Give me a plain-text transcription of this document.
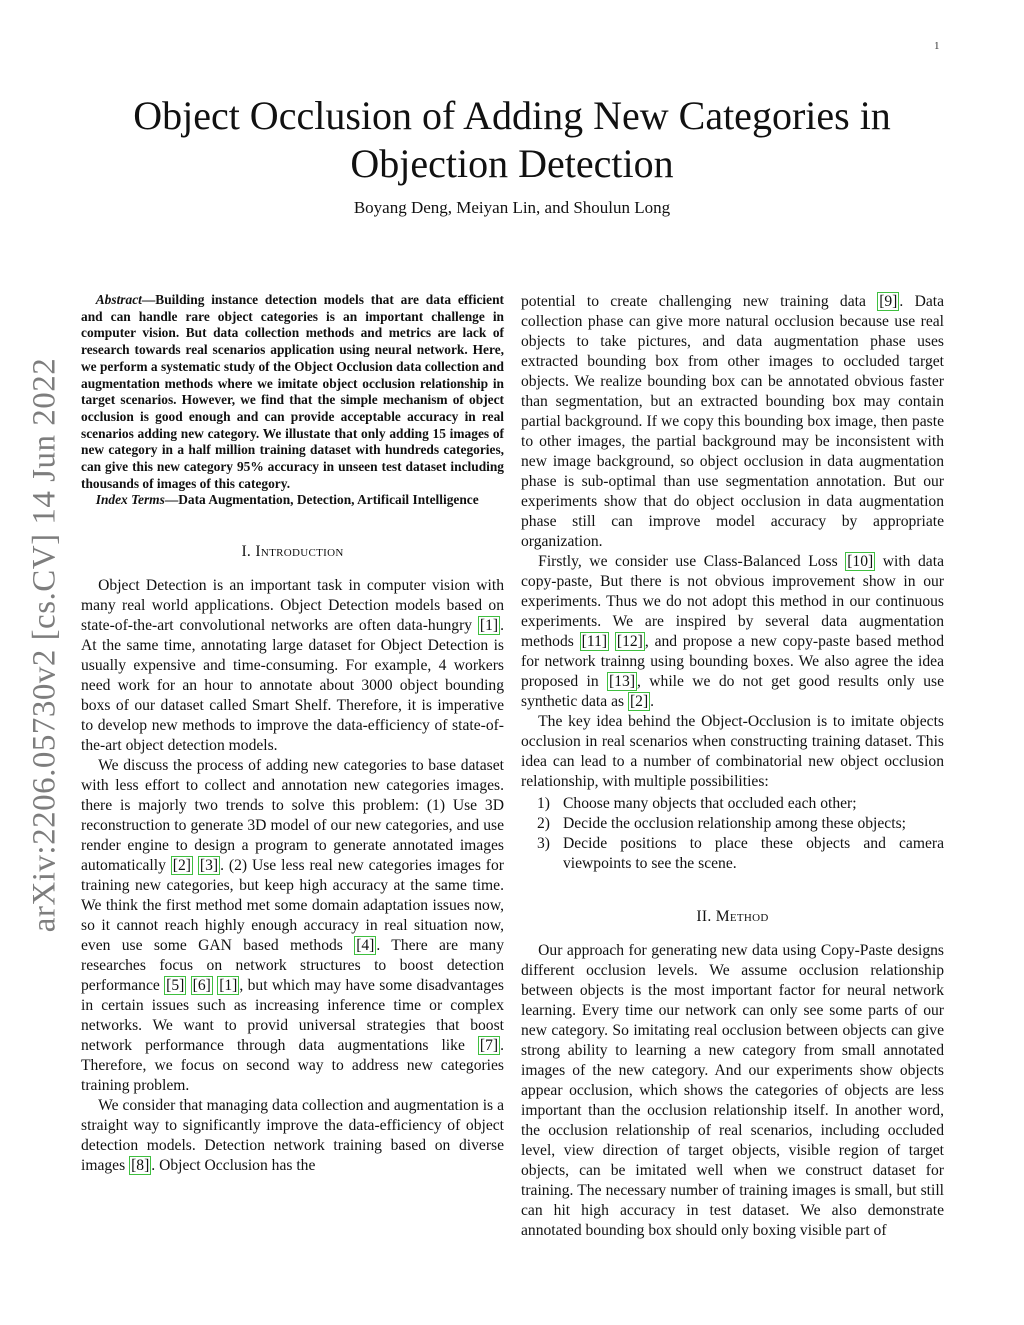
1
arXiv:2206.05730v2 [cs.CV] 14 Jun 2022
Object Occlusion of Adding New Categories in Objection Detection
Boyang Deng, Meiyan Lin, and Shoulun Long

Abstract—Building instance detection models that are data efficient and can handle rare object categories is an important challenge in computer vision. But data collection methods and metrics are lack of research towards real scenarios application using neural network. Here, we perform a systematic study of the Object Occlusion data collection and augmentation methods where we imitate object occlusion relationship in target scenarios. However, we find that the simple mechanism of object occlusion is good enough and can provide acceptable accuracy in real scenarios adding new category. We illustate that only adding 15 images of new category in a half million training dataset with hundreds categories, can give this new category 95% accuracy in unseen test dataset including thousands of images of this category.

Index Terms—Data Augmentation, Detection, Artificail Intelligence

I. Introduction

Object Detection is an important task in computer vision with many real world applications. Object Detection models based on state-of-the-art convolutional networks are often data-hungry [1] . At the same time, annotating large dataset for Object Detection is usually expensive and time-consuming. For example, 4 workers need work for an hour to annotate about 3000 object bounding boxs of our dataset called Smart Shelf. Therefore, it is imperative to develop new methods to improve the data-efficiency of state-of-the-art object detection models.

We discuss the process of adding new categories to base dataset with less effort to collect and annotation new categories images. there is majorly two trends to solve this problem: (1) Use 3D reconstruction to generate 3D model of our new categories, and use render engine to design a program to generate annotated images automatically [2] [3] . (2) Use less real new categories images for training new categories, but keep high accuracy at the same time. We think the first method met some domain adaptation issues now, so it cannot reach highly enough accuracy in real situation now, even use some GAN based methods [4] . There are many researches focus on network structures to boost detection performance [5] [6] [1] , but which may have some disadvantages in certain issues such as increasing inference time or complex networks. We want to provid universal strategies that boost network performance through data augmentations like [7] . Therefore, we focus on second way to address new categories training problem.

We consider that managing data collection and augmentation is a straight way to significantly improve the data-efficiency of object detection models. Detection network training based on diverse images [8] . Object Occlusion has the

potential to create challenging new training data [9] . Data collection phase can give more natural occlusion because use real objects to take pictures, and data augmentation phase uses extracted bounding box from other images to occluded target objects. We realize bounding box can be annotated obvious faster than segmentation, but an extracted bounding box may contain partial background. If we copy this bounding box image, then paste to other images, the partial background may be inconsistent with new image background, so object occlusion in data augmentation phase is sub-optimal than use segmentation annotation. But our experiments show that do object occlusion in data augmentation phase still can improve model accuracy by appropriate organization.

Firstly, we consider use Class-Balanced Loss [10] with data copy-paste, But there is not obvious improvement show in our experiments. Thus we do not adopt this method in our continuous experiments. We are inspired by several data augmentation methods [11] [12] , and propose a new copy-paste based method for network trainng using bounding boxes. We also agree the idea proposed in [13] , while we do not get good results only use synthetic data as [2] .

The key idea behind the Object-Occlusion is to imitate objects occlusion in real scenarios when constructing training dataset. This idea can lead to a number of combinatorial new object occlusion relationship, with multiple possibilities:

1) Choose many objects that occluded each other;
2) Decide the occlusion relationship among these objects;
3) Decide positions to place these objects and camera viewpoints to see the scene.
II. Method

Our approach for generating new data using Copy-Paste designs different occlusion levels. We assume occlusion relationship between objects is the most important factor for neural network learning. Every time our network can only see some parts of our new category. So imitating real occlusion between objects can give strong ability to learning a new category from small annotated images of the new category. And our experiments show objects appear occlusion, which shows the categories of objects are less important than the occlusion relationship itself. In another word, the occlusion relationship of real scenarios, including occluded level, view direction of target objects, visible region of target objects, can be imitated well when we construct dataset for training. The necessary number of training images is small, but still can hit high accuracy in test dataset. We also demonstrate annotated bounding box should only boxing visible part of
